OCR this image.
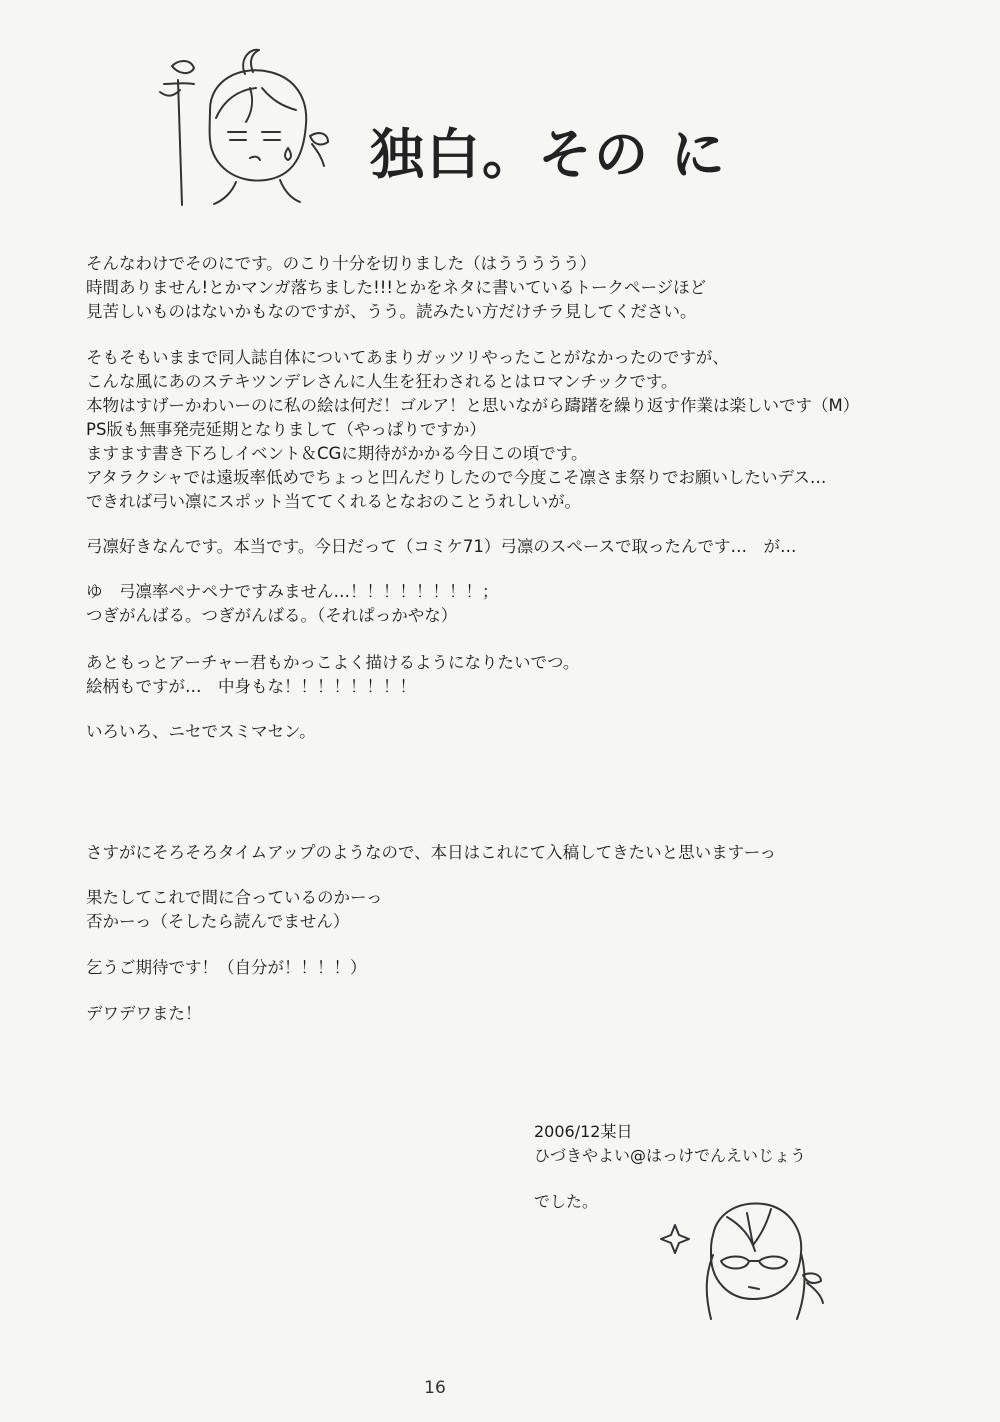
独白。その に
そんなわけでそのにです。のこり十分を切りました（はううううう）
時間ありません!とかマンガ落ちました!!!とかをネタに書いているトークページほど
見苦しいものはないかもなのですが、うう。読みたい方だけチラ見してください。
そもそもいままで同人誌自体についてあまりガッツリやったことがなかったのですが、
こんな風にあのステキツンデレさんに人生を狂わされるとはロマンチックです。
本物はすげーかわいーのに私の絵は何だ！ゴルア！と思いながら躊躇を繰り返す作業は楽しいです（M）
PS版も無事発売延期となりまして（やっぱりですか）
ますます書き下ろしイベント＆CGに期待がかかる今日この頃です。
アタラクシャでは遠坂率低めでちょっと凹んだりしたので今度こそ凛さま祭りでお願いしたいデス…
できれば弓い凛にスポット当ててくれるとなおのことうれしいが。
弓凛好きなんです。本当です。今日だって（コミケ71）弓凛のスペースで取ったんです…　が…
ゆ　弓凛率ペナペナですみません…！！！！！！！！；
つぎがんばる。つぎがんばる。（それぱっかやな）
あともっとアーチャー君もかっこよく描けるようになりたいでつ。
絵柄もですが…　中身もな！！！！！！！！
いろいろ、ニセでスミマセン。
さすがにそろそろタイムアップのようなので、本日はこれにて入稿してきたいと思いますーっ
果たしてこれで間に合っているのかーっ
否かーっ（そしたら読んでません）
乞うご期待です！（自分が！！！！）
デワデワまた！
2006/12某日
ひづきやよい@はっけでんえいじょう
でした。
16
